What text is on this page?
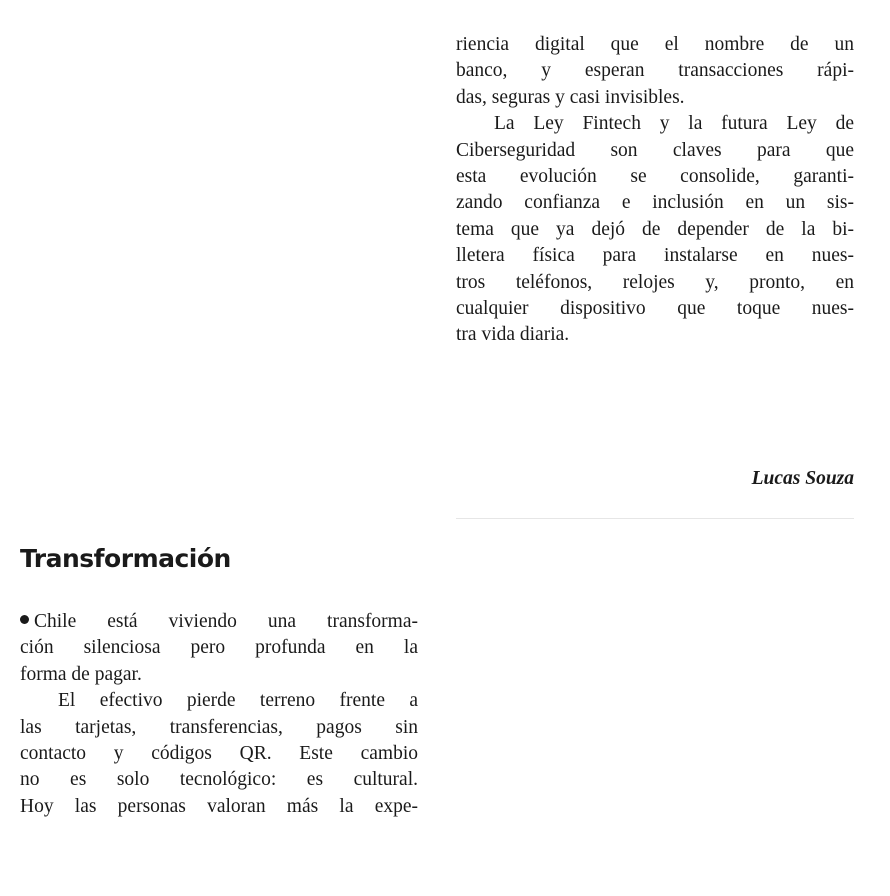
riencia digital que el nombre de un
banco, y esperan transacciones rápi-
das, seguras y casi invisibles.
La Ley Fintech y la futura Ley de
Ciberseguridad son claves para que
esta evolución se consolide, garanti-
zando confianza e inclusión en un sis-
tema que ya dejó de depender de la bi-
lletera física para instalarse en nues-
tros teléfonos, relojes y, pronto, en
cualquier dispositivo que toque nues-
tra vida diaria.
Lucas Souza
Transformación
Chile está viviendo una transforma-
ción silenciosa pero profunda en la
forma de pagar.
El efectivo pierde terreno frente a
las tarjetas, transferencias, pagos sin
contacto y códigos QR. Este cambio
no es solo tecnológico: es cultural.
Hoy las personas valoran más la expe-
